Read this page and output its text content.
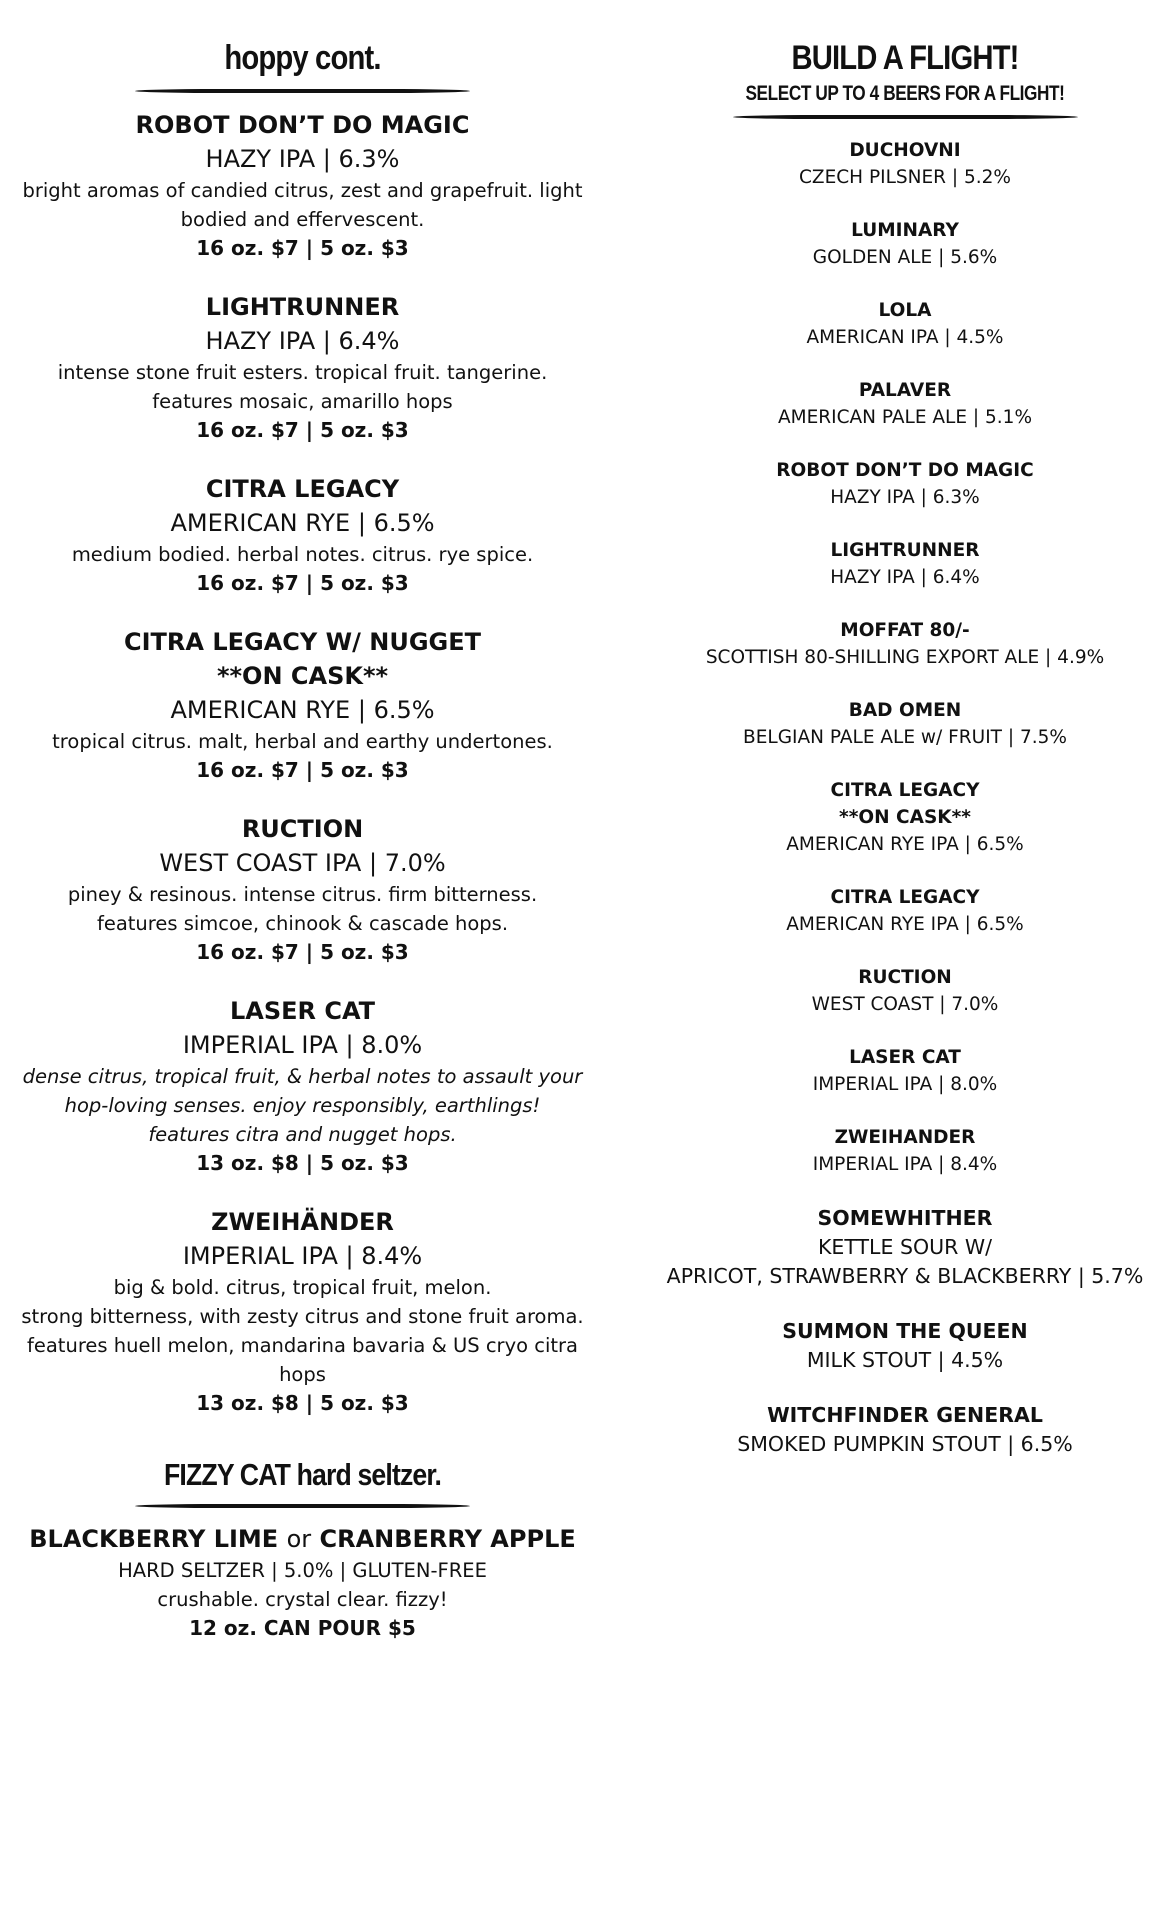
hoppy cont.
ROBOT DON’T DO MAGIC
HAZY IPA | 6.3%
bright aromas of candied citrus, zest and grapefruit. light
bodied and effervescent.
16 oz. $7 | 5 oz. $3
LIGHTRUNNER
HAZY IPA | 6.4%
intense stone fruit esters. tropical fruit. tangerine.
features mosaic, amarillo hops
16 oz. $7 | 5 oz. $3
CITRA LEGACY
AMERICAN RYE | 6.5%
medium bodied. herbal notes. citrus. rye spice.
16 oz. $7 | 5 oz. $3
CITRA LEGACY W/ NUGGET
**ON CASK**
AMERICAN RYE | 6.5%
tropical citrus. malt, herbal and earthy undertones.
16 oz. $7 | 5 oz. $3
RUCTION
WEST COAST IPA | 7.0%
piney & resinous. intense citrus. firm bitterness.
features simcoe, chinook & cascade hops.
16 oz. $7 | 5 oz. $3
LASER CAT
IMPERIAL IPA | 8.0%
dense citrus, tropical fruit, & herbal notes to assault your
hop-loving senses. enjoy responsibly, earthlings!
features citra and nugget hops.
13 oz. $8 | 5 oz. $3
ZWEIHÄNDER
IMPERIAL IPA | 8.4%
big & bold. citrus, tropical fruit, melon.
strong bitterness, with zesty citrus and stone fruit aroma.
features huell melon, mandarina bavaria & US cryo citra
hops
13 oz. $8 | 5 oz. $3
FIZZY CAT hard seltzer.
BLACKBERRY LIME or CRANBERRY APPLE
HARD SELTZER | 5.0% | GLUTEN-FREE
crushable. crystal clear. fizzy!
12 oz. CAN POUR $5
BUILD A FLIGHT!
SELECT UP TO 4 BEERS FOR A FLIGHT!
DUCHOVNI
CZECH PILSNER | 5.2%
LUMINARY
GOLDEN ALE | 5.6%
LOLA
AMERICAN IPA | 4.5%
PALAVER
AMERICAN PALE ALE | 5.1%
ROBOT DON’T DO MAGIC
HAZY IPA | 6.3%
LIGHTRUNNER
HAZY IPA | 6.4%
MOFFAT 80/-
SCOTTISH 80-SHILLING EXPORT ALE | 4.9%
BAD OMEN
BELGIAN PALE ALE w/ FRUIT | 7.5%
CITRA LEGACY
**ON CASK**
AMERICAN RYE IPA | 6.5%
CITRA LEGACY
AMERICAN RYE IPA | 6.5%
RUCTION
WEST COAST | 7.0%
LASER CAT
IMPERIAL IPA | 8.0%
ZWEIHANDER
IMPERIAL IPA | 8.4%
SOMEWHITHER
KETTLE SOUR W/
APRICOT, STRAWBERRY & BLACKBERRY | 5.7%
SUMMON THE QUEEN
MILK STOUT | 4.5%
WITCHFINDER GENERAL
SMOKED PUMPKIN STOUT | 6.5%
